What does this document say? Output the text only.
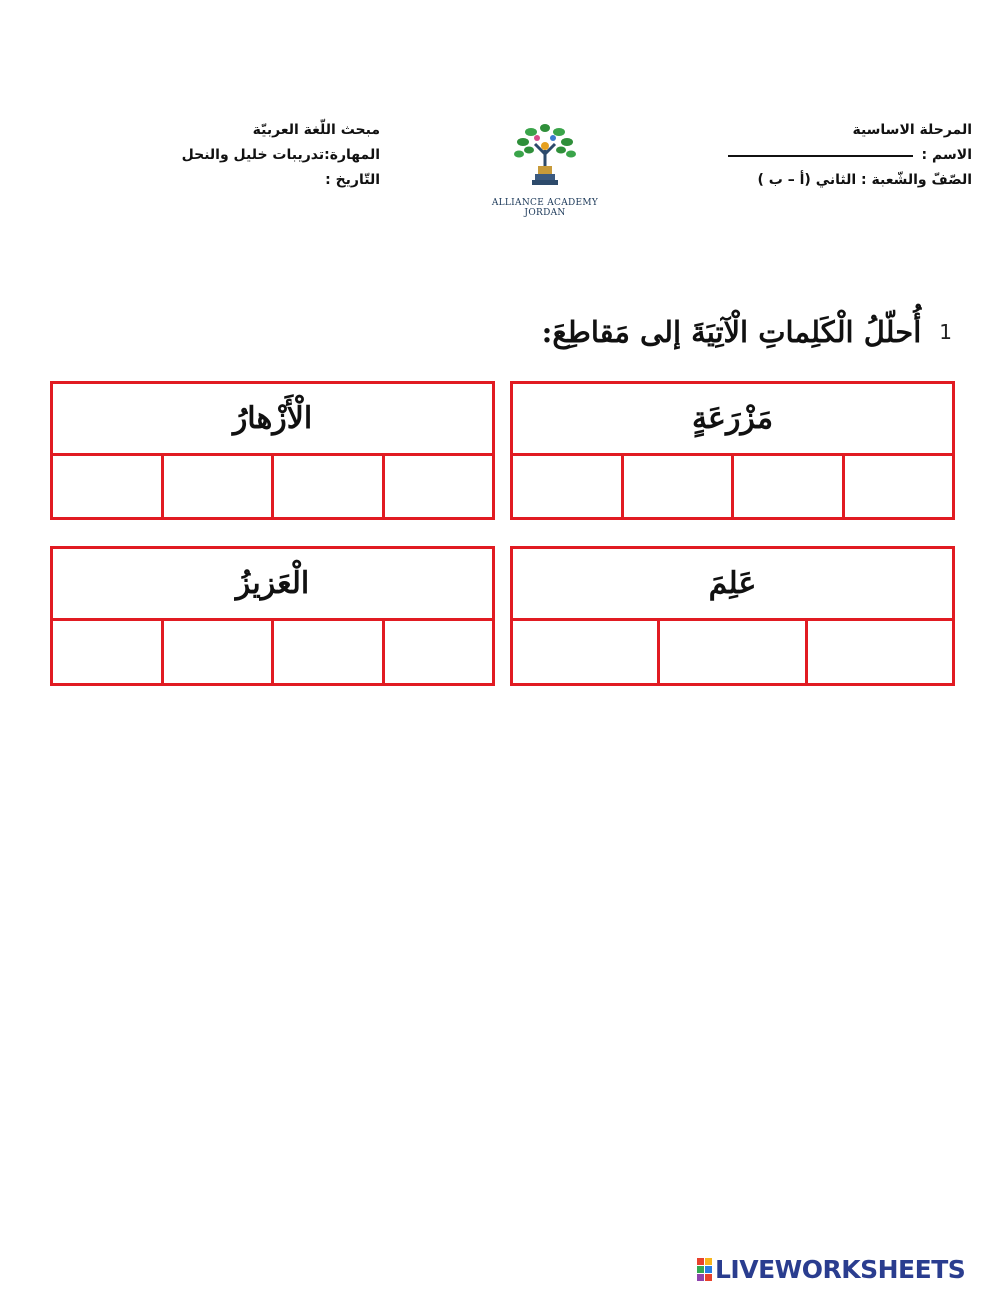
المرحلة الاساسية
الاسم :
الصّفّ والشّعبة : الثاني (أ – ب )
ALLIANCE ACADEMY
JORDAN
مبحث اللّغة العربيّة
المهارة:تدريبات خليل والنحل
التّاريخ :
1
أُحلّلُ الْكَلِماتِ الْآتِيَةَ إلى مَقاطِعَ:
مَزْرَعَةٍ
الْأَزْهارُ
عَلِمَ
الْعَزيزُ
LIVEWORKSHEETS
